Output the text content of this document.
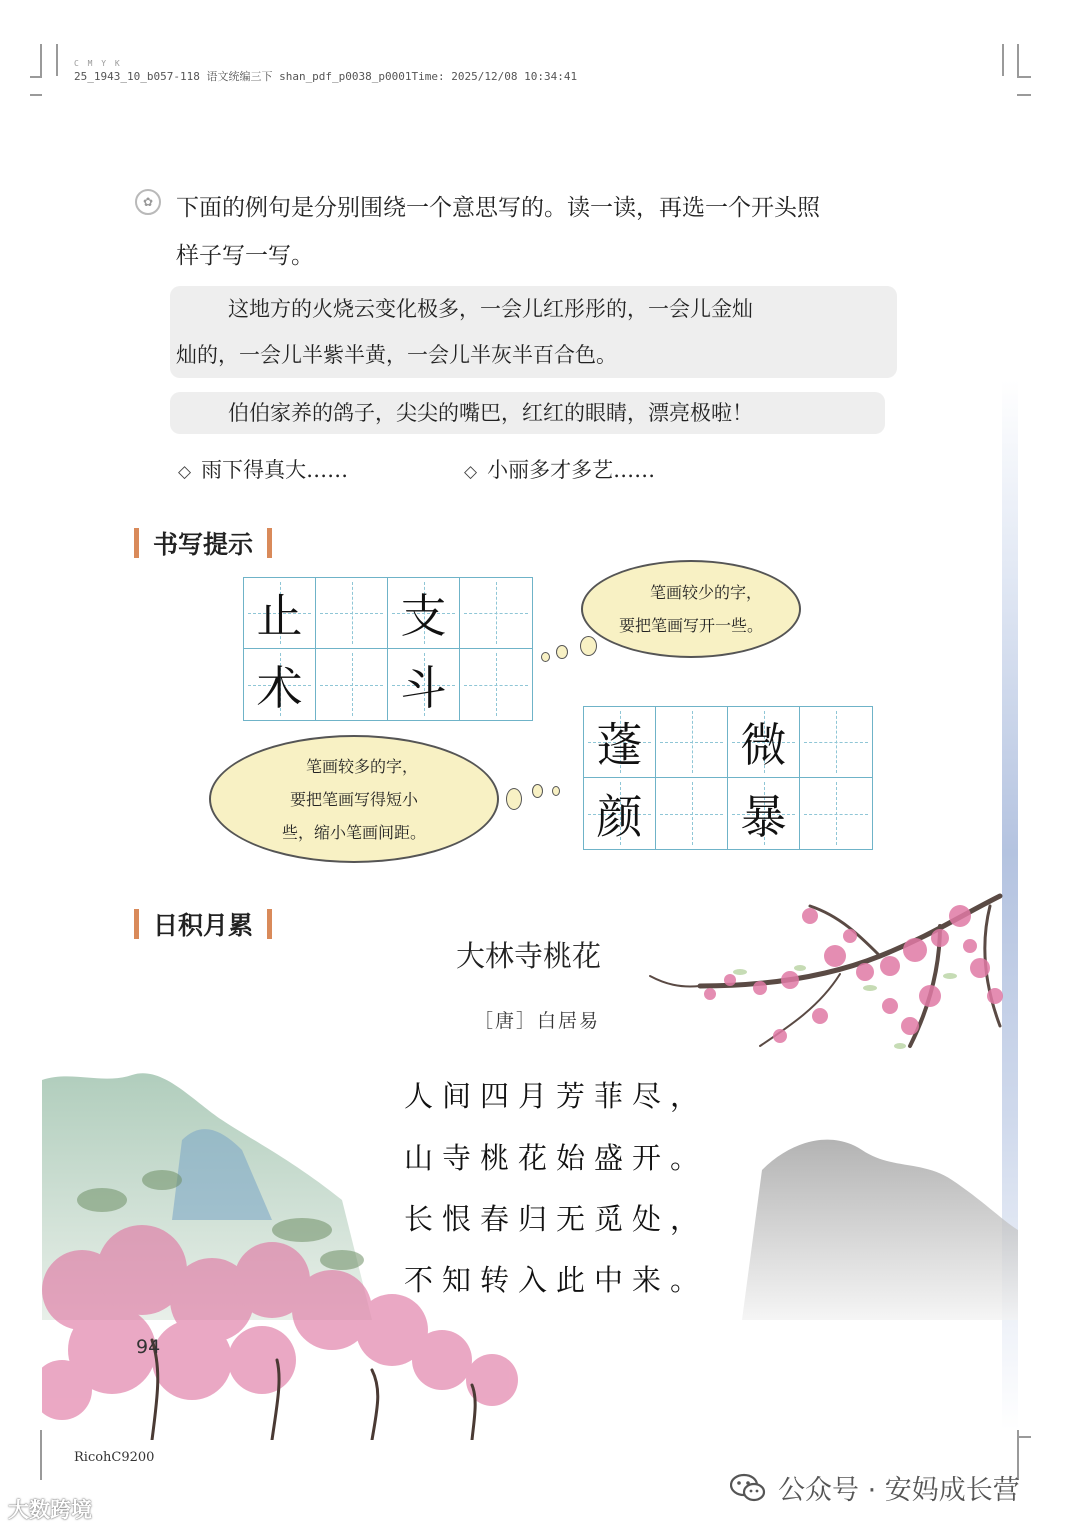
C M Y K
25_1943_10_b057-118 语文统编三下 shan_pdf_p0038_p0001Time: 2025/12/08 10:34:41
✿ 下面的例句是分别围绕一个意思写的。读一读，再选一个开头照
样子写一写。

这地方的火烧云变化极多，一会儿红彤彤的，一会儿金灿

灿的，一会儿半紫半黄，一会儿半灰半百合色。

伯伯家养的鸽子，尖尖的嘴巴，红红的眼睛，漂亮极啦！

◇ 雨下得真大……	◇ 小丽多才多艺……
书写提示
止 支
术 斗
蓬 微
颜 暴

笔画较少的字，

要把笔画写开一些。

笔画较多的字，

要把笔画写得短小

些，缩小笔画间距。

日积月累
大林寺桃花
［唐］白居易
人间四月芳菲尽，
山寺桃花始盛开。
长恨春归无觅处，
不知转入此中来。
94
RicohC9200
大数跨境
公众号 · 安妈成长营
